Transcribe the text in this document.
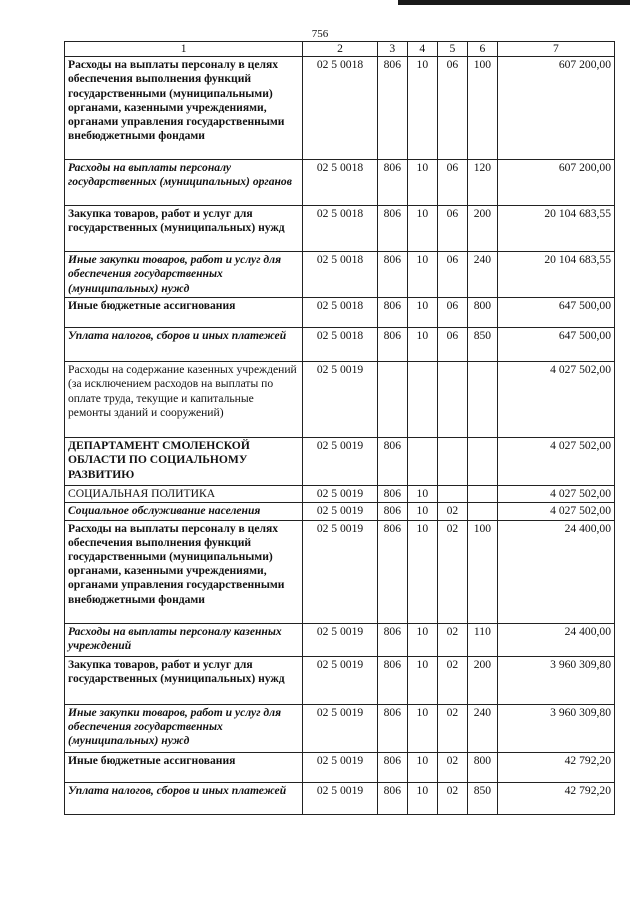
756
1	2	3	4	5	6	7
Расходы на выплаты персоналу в целях обеспечения выполнения функций государственными (муниципальными) органами, казенными учреждениями, органами управления государственными внебюджетными фондами	02 5 0018	806	10	06	100	607 200,00
Расходы на выплаты персоналу государственных (муниципальных) органов	02 5 0018	806	10	06	120	607 200,00
Закупка товаров, работ и услуг для государственных (муниципальных) нужд	02 5 0018	806	10	06	200	20 104 683,55
Иные закупки товаров, работ и услуг для обеспечения государственных (муниципальных) нужд	02 5 0018	806	10	06	240	20 104 683,55
Иные бюджетные ассигнования	02 5 0018	806	10	06	800	647 500,00
Уплата налогов, сборов и иных платежей	02 5 0018	806	10	06	850	647 500,00
Расходы на содержание казенных учреждений (за исключением расходов на выплаты по оплате труда, текущие и капитальные ремонты зданий и сооружений)	02 5 0019					4 027 502,00
ДЕПАРТАМЕНТ СМОЛЕНСКОЙ ОБЛАСТИ ПО СОЦИАЛЬНОМУ РАЗВИТИЮ	02 5 0019	806				4 027 502,00
СОЦИАЛЬНАЯ ПОЛИТИКА	02 5 0019	806	10			4 027 502,00
Социальное обслуживание населения	02 5 0019	806	10	02		4 027 502,00
Расходы на выплаты персоналу в целях обеспечения выполнения функций государственными (муниципальными) органами, казенными учреждениями, органами управления государственными внебюджетными фондами	02 5 0019	806	10	02	100	24 400,00
Расходы на выплаты персоналу казенных учреждений	02 5 0019	806	10	02	110	24 400,00
Закупка товаров, работ и услуг для государственных (муниципальных) нужд	02 5 0019	806	10	02	200	3 960 309,80
Иные закупки товаров, работ и услуг для обеспечения государственных (муниципальных) нужд	02 5 0019	806	10	02	240	3 960 309,80
Иные бюджетные ассигнования	02 5 0019	806	10	02	800	42 792,20
Уплата налогов, сборов и иных платежей	02 5 0019	806	10	02	850	42 792,20
